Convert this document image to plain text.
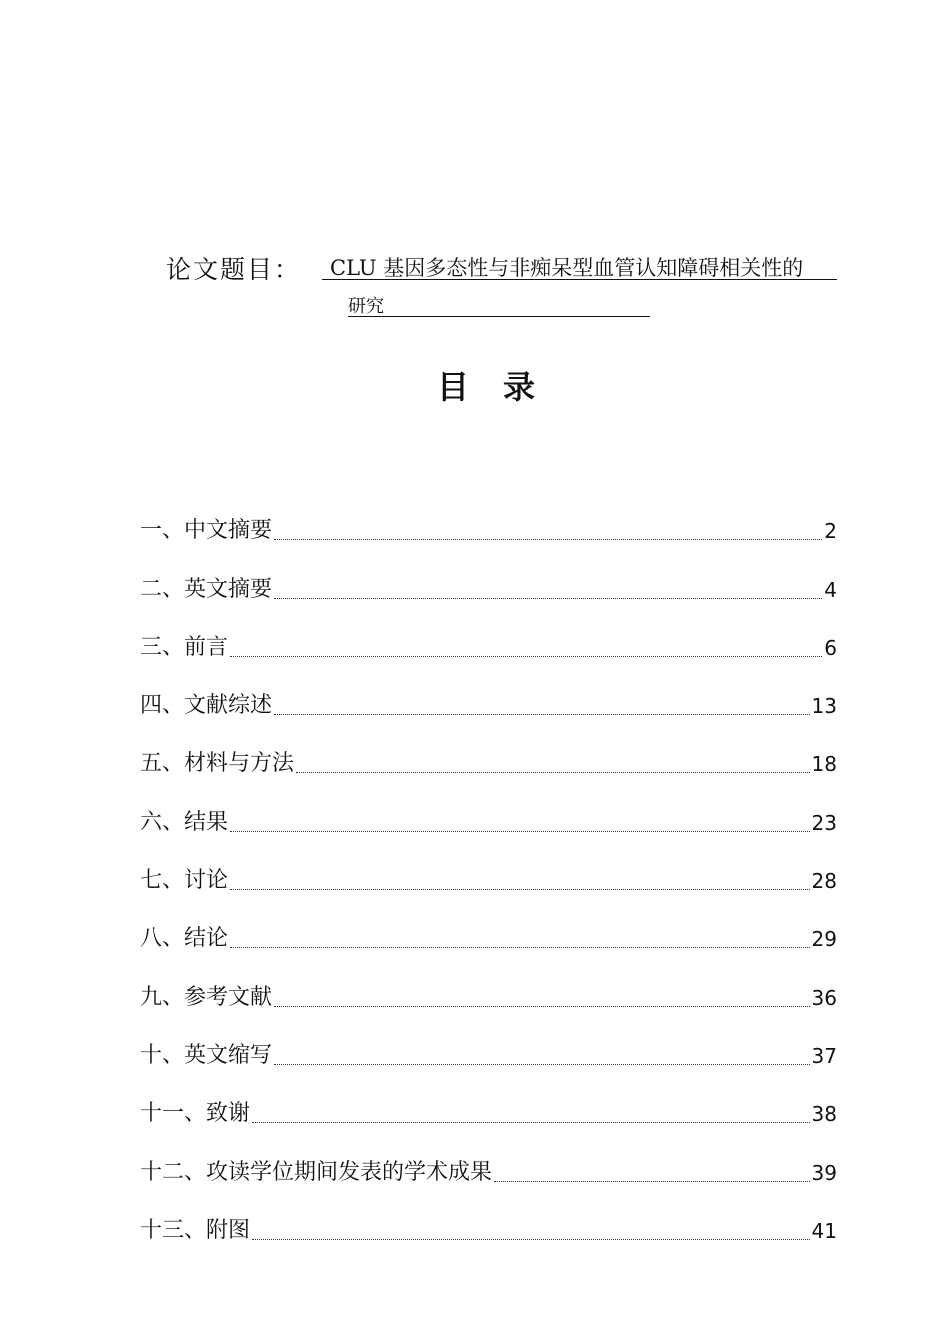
论文题目：	CLU 基因多态性与非痴呆型血管认知障碍相关性的
研究
目录
一、中文摘要	2
二、英文摘要	4
三、前言	6
四、文献综述	13
五、材料与方法	18
六、结果	23
七、讨论	28
八、结论	29
九、参考文献	36
十、英文缩写	37
十一、致谢	38
十二、攻读学位期间发表的学术成果	39
十三、附图	41
